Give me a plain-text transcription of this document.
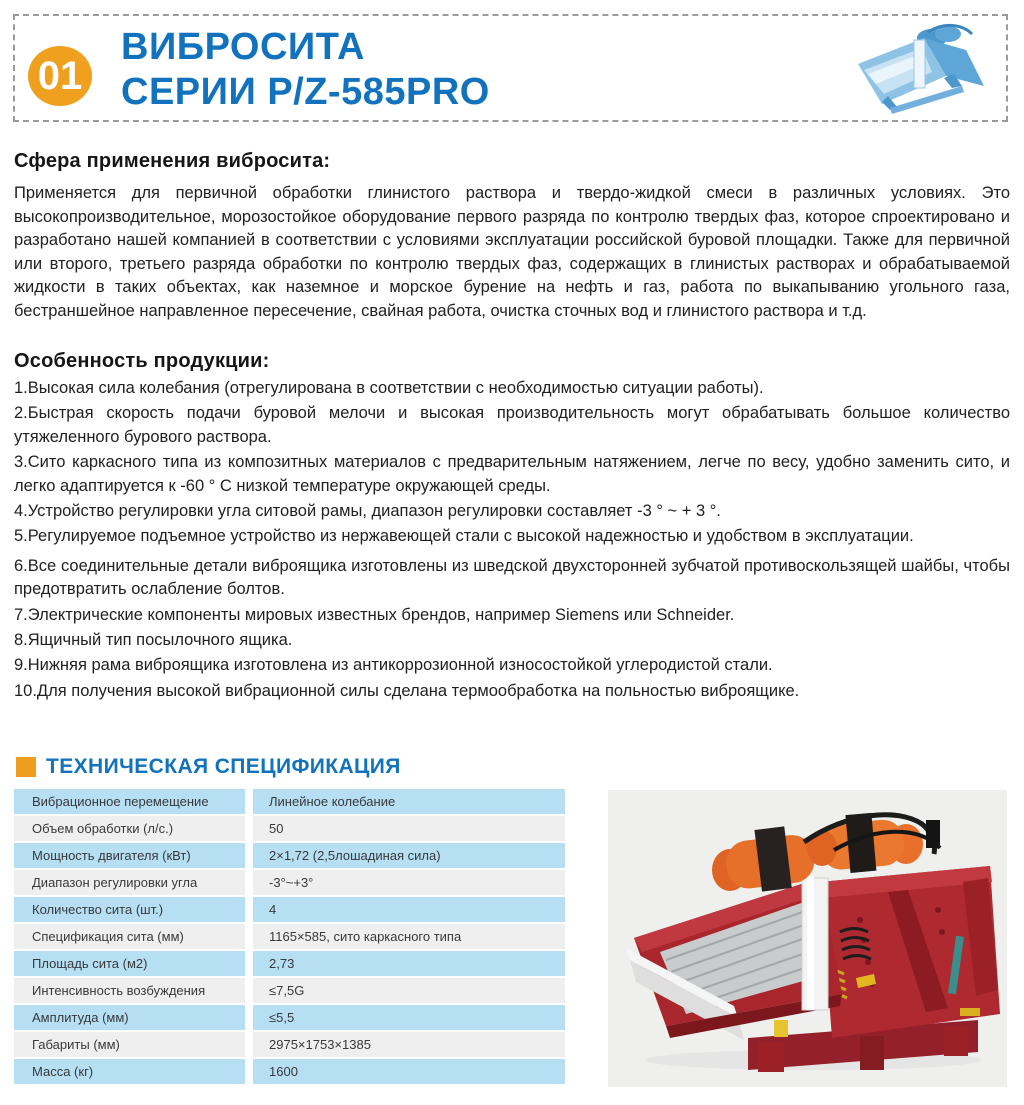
01
ВИБРОСИТА
СЕРИИ P/Z-585PRO
Сфера применения вибросита:

Применяется для первичной обработки глинистого раствора и твердо-жидкой смеси в различных условиях. Это высокопроизводительное, морозостойкое оборудование первого разряда по контролю твердых фаз, которое спроектировано и разработано нашей компанией в соответствии с условиями эксплуатации российской буровой площадки. Также для первичной или второго, третьего разряда обработки по контролю твердых фаз, содержащих в глинистых растворах и обрабатываемой жидкости в таких объектах, как наземное и морское бурение на нефть и газ, работа по выкапыванию угольного газа, бестраншейное направленное пересечение, свайная работа, очистка сточных вод и глинистого раствора и т.д.

Особенность продукции:

1.Высокая сила колебания (отрегулирована в соответствии с необходимостью ситуации работы).

2.Быстрая скорость подачи буровой мелочи и высокая производительность могут обрабатывать большое количество утяжеленного бурового раствора.

3.Сито каркасного типа из композитных материалов с предварительным натяжением, легче по весу, удобно заменить сито, и легко адаптируется к -60 ° С низкой температуре окружающей среды.

4.Устройство регулировки угла ситовой рамы, диапазон регулировки составляет -3 ° ~ + 3 °.

5.Регулируемое подъемное устройство из нержавеющей стали с высокой надежностью и удобством в эксплуатации.

6.Все соединительные детали виброящика изготовлены из шведской двухсторонней зубчатой противоскользящей шайбы, чтобы предотвратить ослабление болтов.

7.Электрические компоненты мировых известных брендов, например Siemens или Schneider.

8.Ящичный тип посылочного ящика.

9.Нижняя рама виброящика изготовлена из антикоррозионной износостойкой углеродистой стали.

10.Для получения высокой вибрационной силы сделана термообработка на польностью виброящике.

ТЕХНИЧЕСКАЯ СПЕЦИФИКАЦИЯ
Вибрационное перемещение	Линейное колебание
Объем обработки (л/с.)	50
Мощность двигателя (кВт)	2×1,72 (2,5лошадиная сила)
Диапазон регулировки угла	-3°~+3°
Количество сита (шт.)	4
Спецификация сита (мм)	1165×585, сито каркасного типа
Площадь сита (м2)	2,73
Интенсивность возбуждения	≤7,5G
Амплитуда (мм)	≤5,5
Габариты (мм)	2975×1753×1385
Масса (кг)	1600
